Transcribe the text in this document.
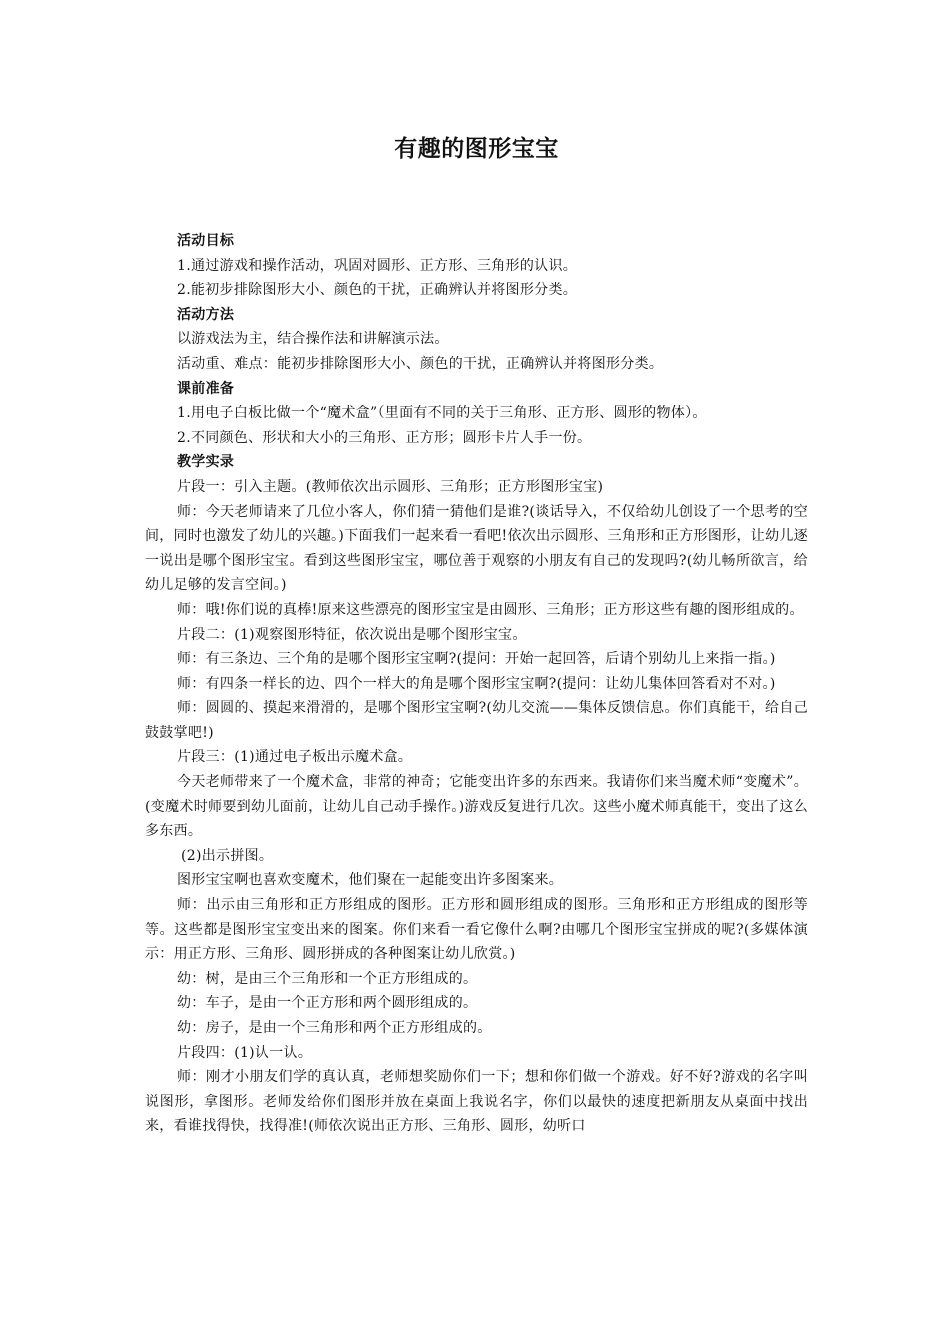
有趣的图形宝宝

活动目标

1.通过游戏和操作活动，巩固对圆形、正方形、三角形的认识。

2.能初步排除图形大小、颜色的干扰，正确辨认并将图形分类。

活动方法

以游戏法为主，结合操作法和讲解演示法。

活动重、难点：能初步排除图形大小、颜色的干扰，正确辨认并将图形分类。

课前准备

1.用电子白板比做一个“魔术盒”（里面有不同的关于三角形、正方形、圆形的物体）。

2.不同颜色、形状和大小的三角形、正方形；圆形卡片人手一份。

教学实录

片段一：引入主题。(教师依次出示圆形、三角形；正方形图形宝宝)

师：今天老师请来了几位小客人，你们猜一猜他们是谁?(谈话导入，不仅给幼儿创设了一个思考的空间，同时也激发了幼儿的兴趣。)下面我们一起来看一看吧!依次出示圆形、三角形和正方形图形，让幼儿逐一说出是哪个图形宝宝。看到这些图形宝宝，哪位善于观察的小朋友有自己的发现吗?(幼儿畅所欲言，给幼儿足够的发言空间。)

师：哦!你们说的真棒!原来这些漂亮的图形宝宝是由圆形、三角形；正方形这些有趣的图形组成的。

片段二：(1)观察图形特征，依次说出是哪个图形宝宝。

师：有三条边、三个角的是哪个图形宝宝啊?(提问：开始一起回答，后请个别幼儿上来指一指。)

师：有四条一样长的边、四个一样大的角是哪个图形宝宝啊?(提问：让幼儿集体回答看对不对。)

师：圆圆的、摸起来滑滑的，是哪个图形宝宝啊?(幼儿交流——集体反馈信息。你们真能干，给自己鼓鼓掌吧!)

片段三：(1)通过电子板出示魔术盒。

今天老师带来了一个魔术盒，非常的神奇；它能变出许多的东西来。我请你们来当魔术师“变魔术”。(变魔术时师要到幼儿面前，让幼儿自己动手操作。)游戏反复进行几次。这些小魔术师真能干，变出了这么多东西。

(2)出示拼图。

图形宝宝啊也喜欢变魔术，他们聚在一起能变出许多图案来。

师：出示由三角形和正方形组成的图形。正方形和圆形组成的图形。三角形和正方形组成的图形等等。这些都是图形宝宝变出来的图案。你们来看一看它像什么啊?由哪几个图形宝宝拼成的呢?(多媒体演示：用正方形、三角形、圆形拼成的各种图案让幼儿欣赏。)

幼：树，是由三个三角形和一个正方形组成的。

幼：车子，是由一个正方形和两个圆形组成的。

幼：房子，是由一个三角形和两个正方形组成的。

片段四：(1)认一认。

师：刚才小朋友们学的真认真，老师想奖励你们一下；想和你们做一个游戏。好不好?游戏的名字叫说图形，拿图形。老师发给你们图形并放在桌面上我说名字，你们以最快的速度把新朋友从桌面中找出来，看谁找得快，找得准!(师依次说出正方形、三角形、圆形，幼听口
